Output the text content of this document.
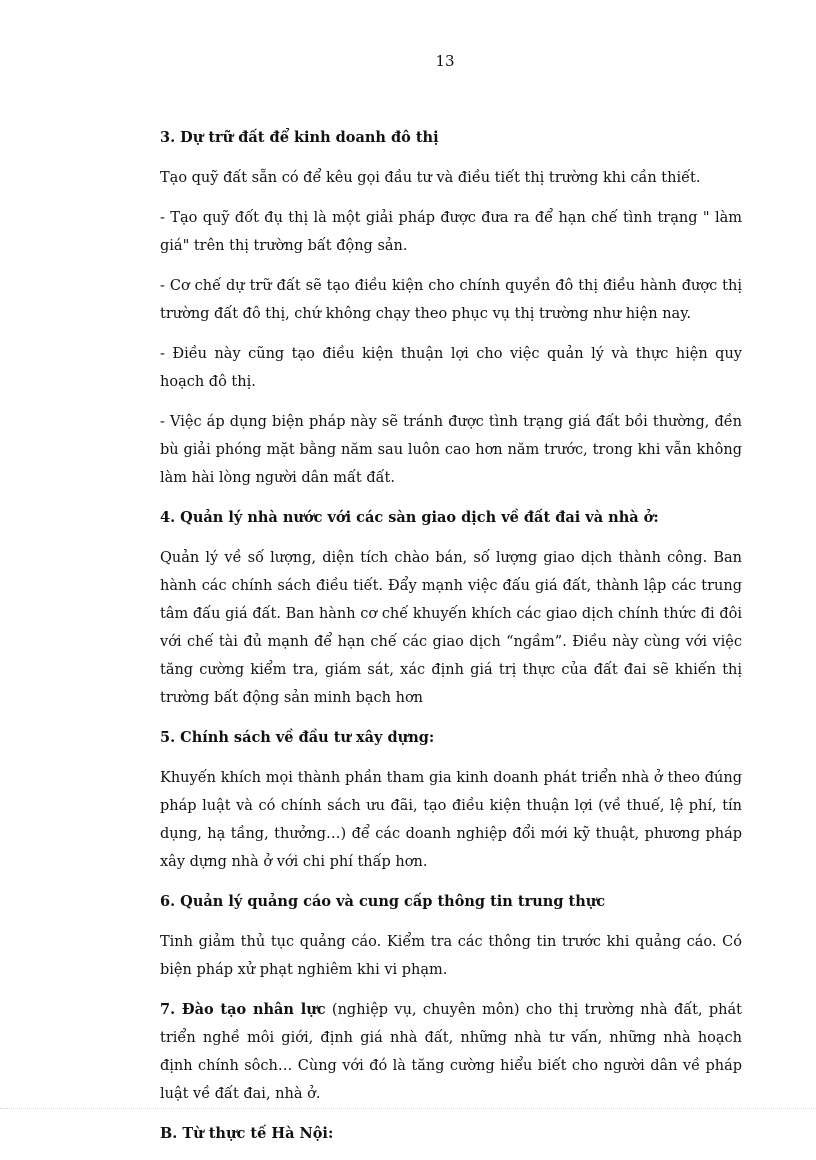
13

3. Dự trữ đất để kinh doanh đô thị

Tạo quỹ đất sẵn có để kêu gọi đầu tư và điều tiết thị trường khi cần thiết.

- Tạo quỹ đốt đụ thị là một giải pháp được đưa ra để hạn chế tình trạng " làm giá" trên thị trường bất động sản.

- Cơ chế dự trữ đất sẽ tạo điều kiện cho chính quyền đô thị điều hành được thị trường đất đô thị, chứ không chạy theo phục vụ thị trường như hiện nay.

- Điều này cũng tạo điều kiện thuận lợi cho việc quản lý và thực hiện quy hoạch đô thị.

- Việc áp dụng biện pháp này sẽ tránh được tình trạng giá đất bồi thường, đền bù giải phóng mặt bằng năm sau luôn cao hơn năm trước, trong khi vẫn không làm hài lòng người dân mất đất.

4. Quản lý nhà nước với các sàn giao dịch về đất đai và nhà ở:

Quản lý về số lượng, diện tích chào bán, số lượng giao dịch thành công. Ban hành các chính sách điều tiết. Đẩy mạnh việc đấu giá đất, thành lập các trung tâm đấu giá đất. Ban hành cơ chế khuyến khích các giao dịch chính thức đi đôi với chế tài đủ mạnh để hạn chế các giao dịch “ngầm”. Điều này cùng với việc tăng cường kiểm tra, giám sát, xác định giá trị thực của đất đai sẽ khiến thị trường bất động sản minh bạch hơn

5. Chính sách về đầu tư xây dựng:

Khuyến khích mọi thành phần tham gia kinh doanh phát triển nhà ở theo đúng pháp luật và có chính sách ưu đãi, tạo điều kiện thuận lợi (về thuế, lệ phí, tín dụng, hạ tầng, thưởng…) để các doanh nghiệp đổi mới kỹ thuật, phương pháp xây dựng nhà ở với chi phí thấp hơn.

6. Quản lý quảng cáo và cung cấp thông tin trung thực

Tinh giảm thủ tục quảng cáo. Kiểm tra các thông tin trước khi quảng cáo. Có biện pháp xử phạt nghiêm khi vi phạm.

7. Đào tạo nhân lực (nghiệp vụ, chuyên môn) cho thị trường nhà đất, phát triển nghề môi giới, định giá nhà đất, những nhà tư vấn, những nhà hoạch định chính sôch… Cùng với đó là tăng cường hiểu biết cho người dân về pháp luật về đất đai, nhà ở.

B. Từ thực tế Hà Nội:
